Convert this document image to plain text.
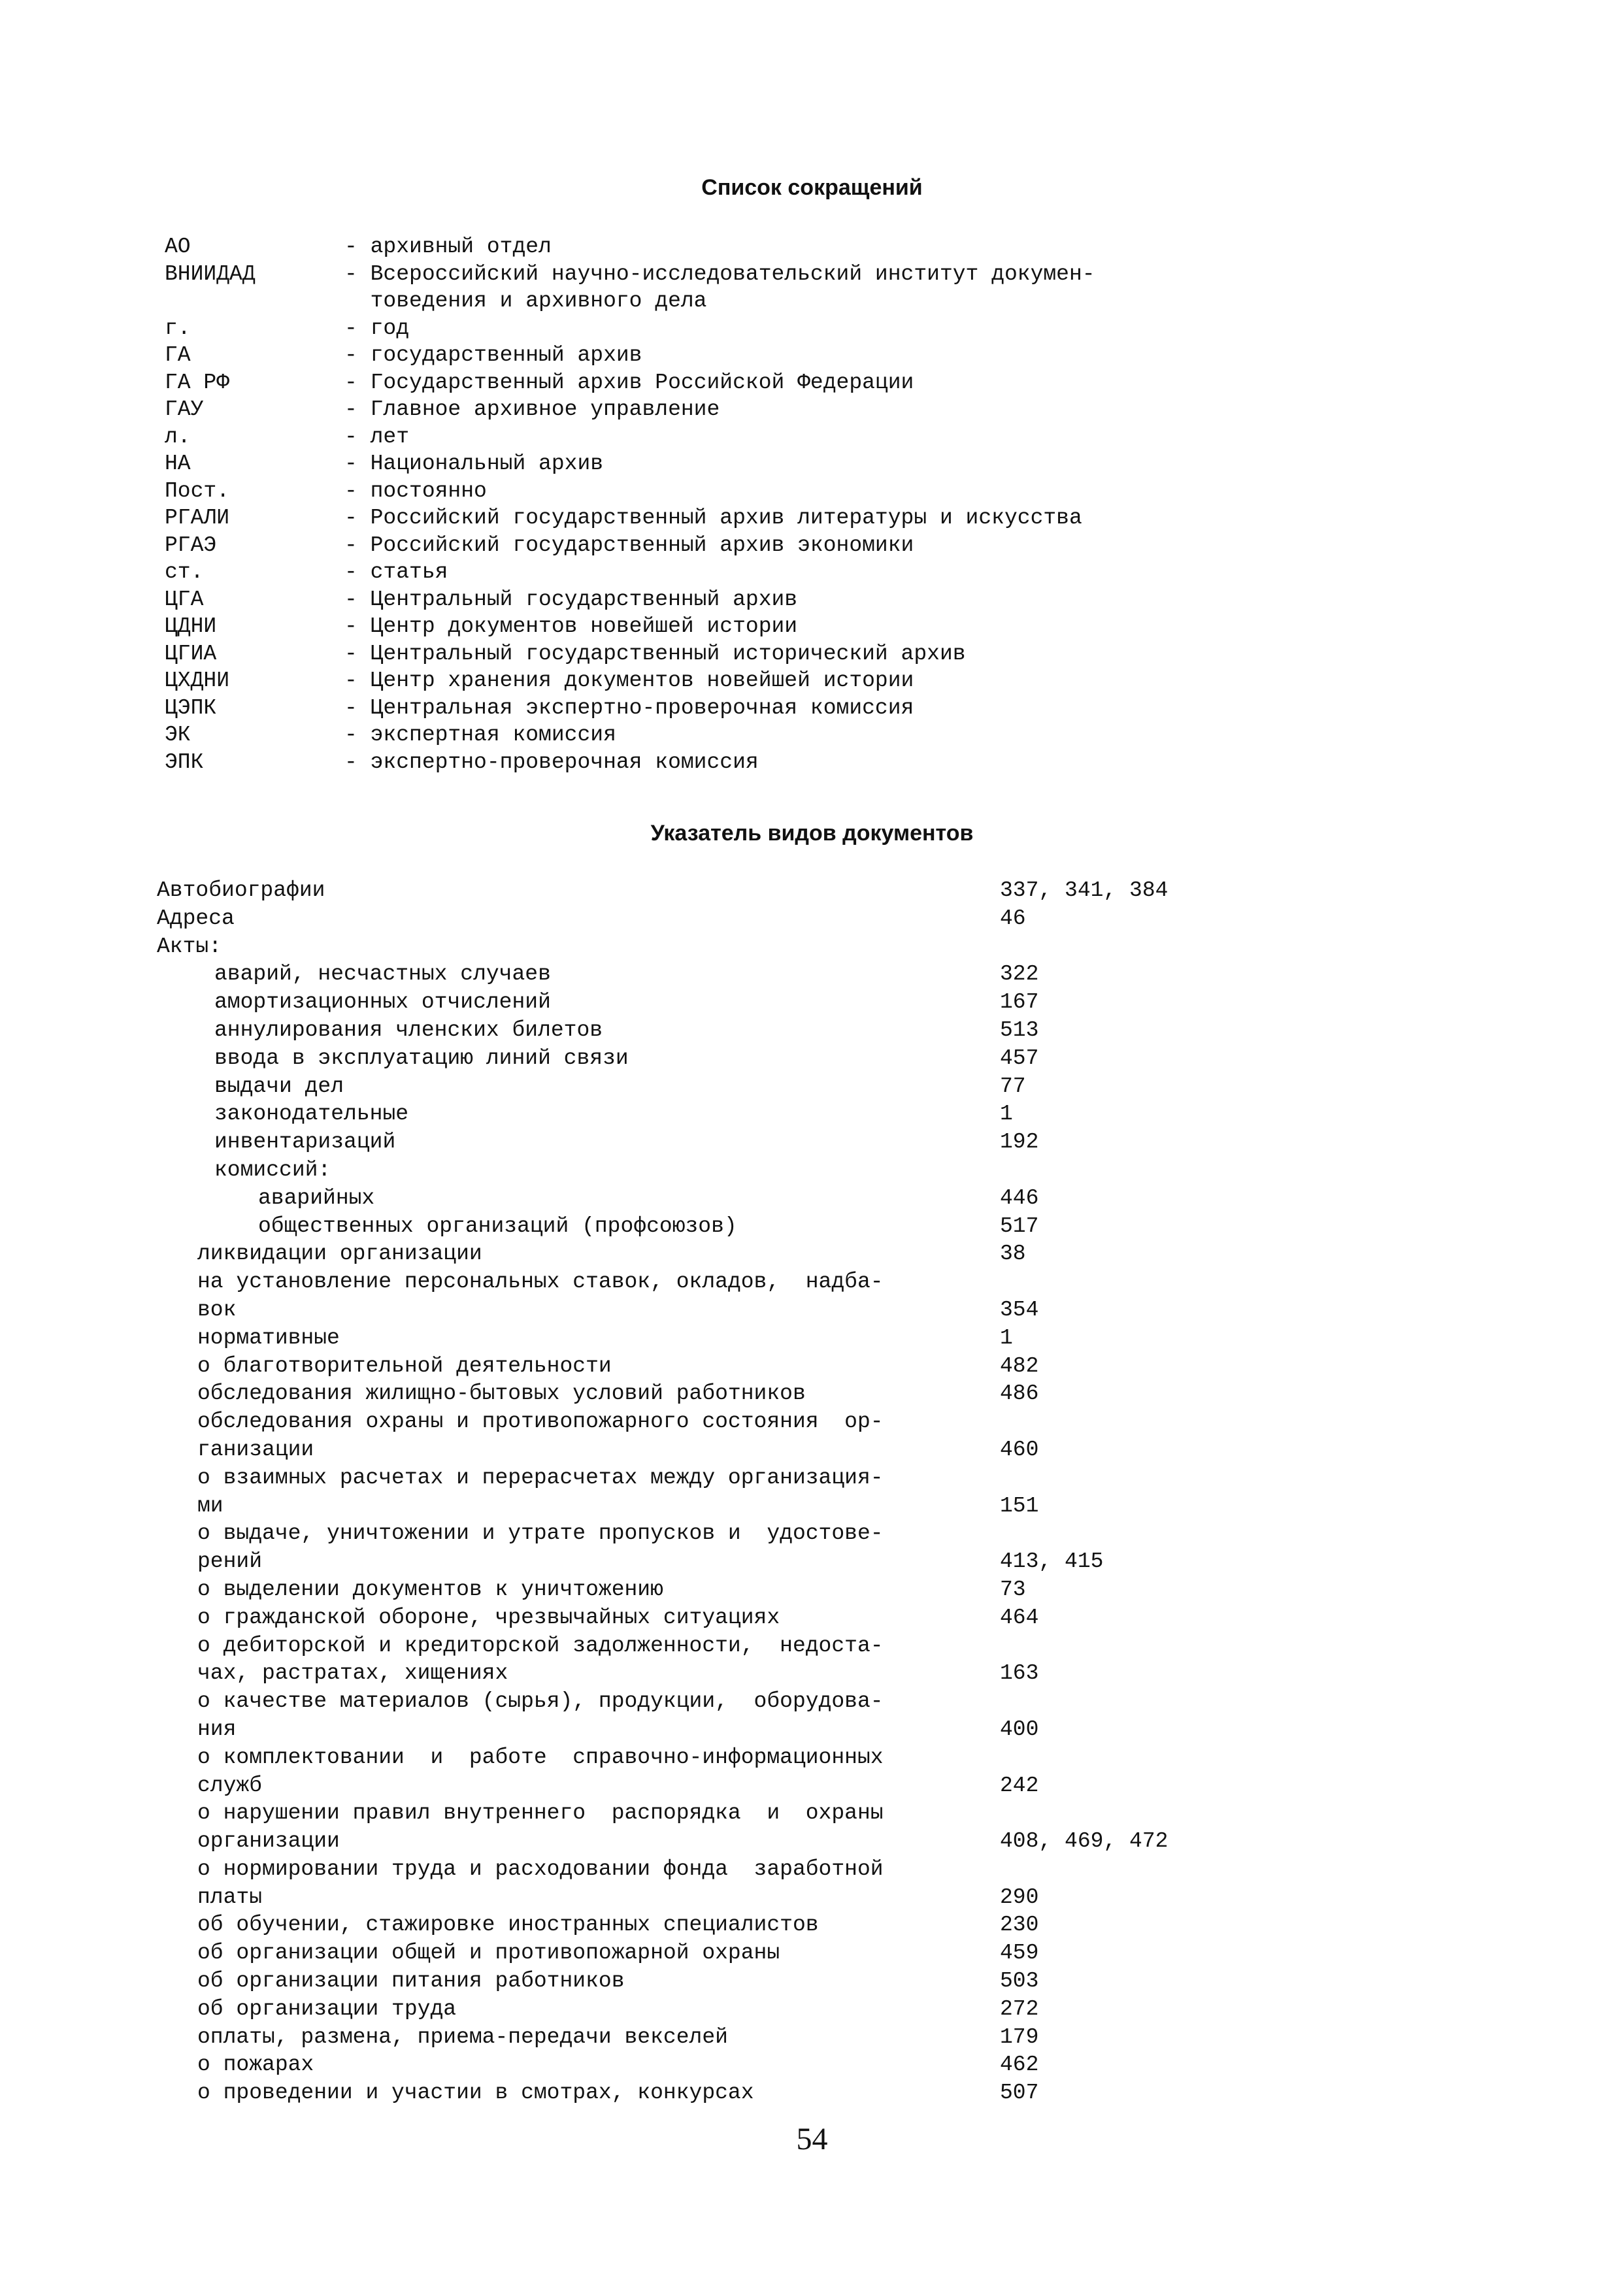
Список сокращений
АО	- архивный отдел
ВНИИДАД	- Всероссийский научно-исследовательский институт докумен-
товедения и архивного дела
г.	- год
ГА	- государственный архив
ГА РФ	- Государственный архив Российской Федерации
ГАУ	- Главное архивное управление
л.	- лет
НА	- Национальный архив
Пост.	- постоянно
РГАЛИ	- Российский государственный архив литературы и искусства
РГАЭ	- Российский государственный архив экономики
ст.	- статья
ЦГА	- Центральный государственный архив
ЦДНИ	- Центр документов новейшей истории
ЦГИА	- Центральный государственный исторический архив
ЦХДНИ	- Центр хранения документов новейшей истории
ЦЭПК	- Центральная экспертно-проверочная комиссия
ЭК	- экспертная комиссия
ЭПК	- экспертно-проверочная комиссия
Указатель видов документов
Автобиографии	337, 341, 384
Адреса	46
Акты:
аварий, несчастных случаев	322
амортизационных отчислений	167
аннулирования членских билетов	513
ввода в эксплуатацию линий связи	457
выдачи дел	77
законодательные	1
инвентаризаций	192
комиссий:
аварийных	446
общественных организаций (профсоюзов)	517
ликвидации организации	38
на установление персональных ставок, окладов,  надба-
вок	354
нормативные	1
о благотворительной деятельности	482
обследования жилищно-бытовых условий работников	486
обследования охраны и противопожарного состояния  ор-
ганизации	460
о взаимных расчетах и перерасчетах между организация-
ми	151
о выдаче, уничтожении и утрате пропусков и  удостове-
рений	413, 415
о выделении документов к уничтожению	73
о гражданской обороне, чрезвычайных ситуациях	464
о дебиторской и кредиторской задолженности,  недоста-
чах, растратах, хищениях	163
о качестве материалов (сырья), продукции,  оборудова-
ния	400
о комплектовании  и  работе  справочно-информационных
служб	242
о нарушении правил внутреннего  распорядка  и  охраны
организации	408, 469, 472
о нормировании труда и расходовании фонда  заработной
платы	290
об обучении, стажировке иностранных специалистов	230
об организации общей и противопожарной охраны	459
об организации питания работников	503
об организации труда	272
оплаты, размена, приема-передачи векселей	179
о пожарах	462
о проведении и участии в смотрах, конкурсах	507
54
